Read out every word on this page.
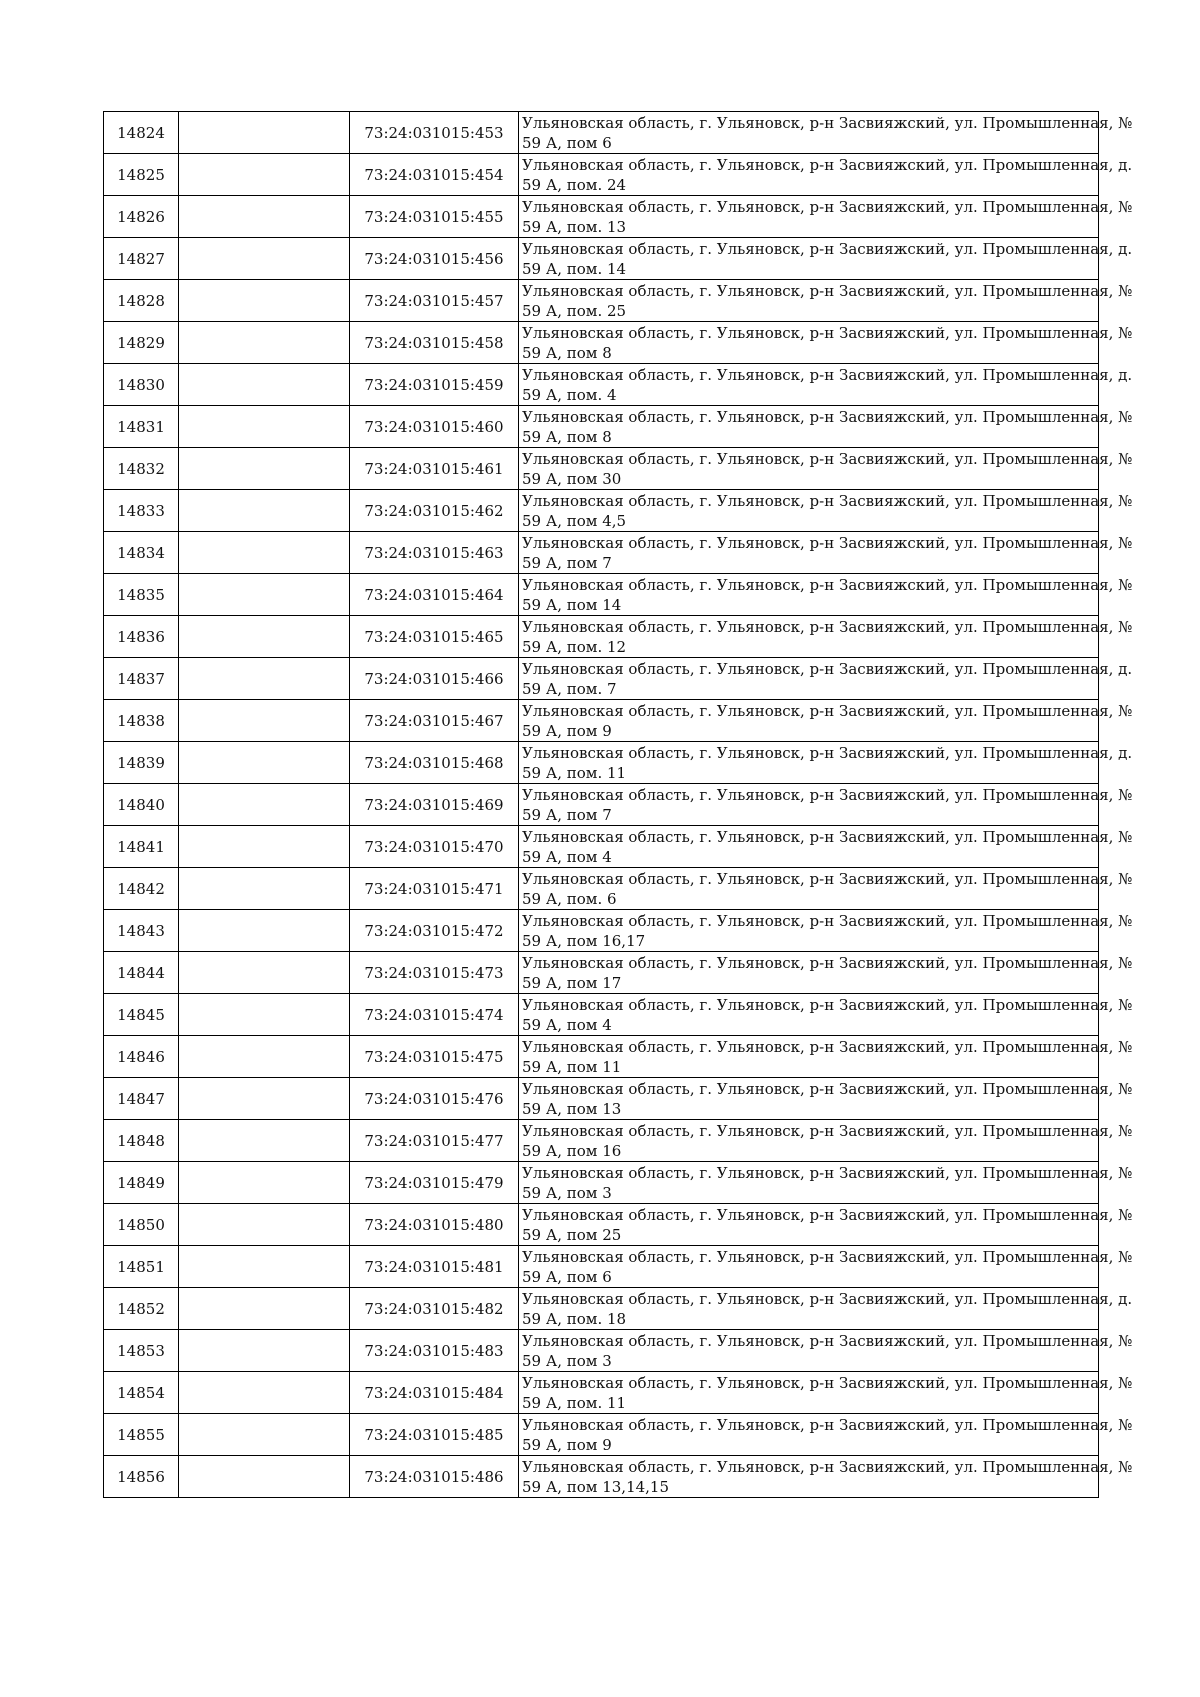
14824		73:24:031015:453	Ульяновская область, г. Ульяновск, р-н Засвияжский, ул. Промышленная, №
59 А, пом 6

14825		73:24:031015:454	Ульяновская область, г. Ульяновск, р-н Засвияжский, ул. Промышленная, д.
59 А, пом. 24

14826		73:24:031015:455	Ульяновская область, г. Ульяновск, р-н Засвияжский, ул. Промышленная, №
59 А, пом. 13

14827		73:24:031015:456	Ульяновская область, г. Ульяновск, р-н Засвияжский, ул. Промышленная, д.
59 А, пом. 14

14828		73:24:031015:457	Ульяновская область, г. Ульяновск, р-н Засвияжский, ул. Промышленная, №
59 А, пом. 25

14829		73:24:031015:458	Ульяновская область, г. Ульяновск, р-н Засвияжский, ул. Промышленная, №
59 А, пом 8

14830		73:24:031015:459	Ульяновская область, г. Ульяновск, р-н Засвияжский, ул. Промышленная, д.
59 А, пом. 4

14831		73:24:031015:460	Ульяновская область, г. Ульяновск, р-н Засвияжский, ул. Промышленная, №
59 А, пом 8

14832		73:24:031015:461	Ульяновская область, г. Ульяновск, р-н Засвияжский, ул. Промышленная, №
59 А, пом 30

14833		73:24:031015:462	Ульяновская область, г. Ульяновск, р-н Засвияжский, ул. Промышленная, №
59 А, пом 4,5

14834		73:24:031015:463	Ульяновская область, г. Ульяновск, р-н Засвияжский, ул. Промышленная, №
59 А, пом 7

14835		73:24:031015:464	Ульяновская область, г. Ульяновск, р-н Засвияжский, ул. Промышленная, №
59 А, пом 14

14836		73:24:031015:465	Ульяновская область, г. Ульяновск, р-н Засвияжский, ул. Промышленная, №
59 А, пом. 12

14837		73:24:031015:466	Ульяновская область, г. Ульяновск, р-н Засвияжский, ул. Промышленная, д.
59 А, пом. 7

14838		73:24:031015:467	Ульяновская область, г. Ульяновск, р-н Засвияжский, ул. Промышленная, №
59 А, пом 9

14839		73:24:031015:468	Ульяновская область, г. Ульяновск, р-н Засвияжский, ул. Промышленная, д.
59 А, пом. 11

14840		73:24:031015:469	Ульяновская область, г. Ульяновск, р-н Засвияжский, ул. Промышленная, №
59 А, пом 7

14841		73:24:031015:470	Ульяновская область, г. Ульяновск, р-н Засвияжский, ул. Промышленная, №
59 А, пом 4

14842		73:24:031015:471	Ульяновская область, г. Ульяновск, р-н Засвияжский, ул. Промышленная, №
59 А, пом. 6

14843		73:24:031015:472	Ульяновская область, г. Ульяновск, р-н Засвияжский, ул. Промышленная, №
59 А, пом 16,17

14844		73:24:031015:473	Ульяновская область, г. Ульяновск, р-н Засвияжский, ул. Промышленная, №
59 А, пом 17

14845		73:24:031015:474	Ульяновская область, г. Ульяновск, р-н Засвияжский, ул. Промышленная, №
59 А, пом 4

14846		73:24:031015:475	Ульяновская область, г. Ульяновск, р-н Засвияжский, ул. Промышленная, №
59 А, пом 11

14847		73:24:031015:476	Ульяновская область, г. Ульяновск, р-н Засвияжский, ул. Промышленная, №
59 А, пом 13

14848		73:24:031015:477	Ульяновская область, г. Ульяновск, р-н Засвияжский, ул. Промышленная, №
59 А, пом 16

14849		73:24:031015:479	Ульяновская область, г. Ульяновск, р-н Засвияжский, ул. Промышленная, №
59 А, пом 3

14850		73:24:031015:480	Ульяновская область, г. Ульяновск, р-н Засвияжский, ул. Промышленная, №
59 А, пом 25

14851		73:24:031015:481	Ульяновская область, г. Ульяновск, р-н Засвияжский, ул. Промышленная, №
59 А, пом 6

14852		73:24:031015:482	Ульяновская область, г. Ульяновск, р-н Засвияжский, ул. Промышленная, д.
59 А, пом. 18

14853		73:24:031015:483	Ульяновская область, г. Ульяновск, р-н Засвияжский, ул. Промышленная, №
59 А, пом 3

14854		73:24:031015:484	Ульяновская область, г. Ульяновск, р-н Засвияжский, ул. Промышленная, №
59 А, пом. 11

14855		73:24:031015:485	Ульяновская область, г. Ульяновск, р-н Засвияжский, ул. Промышленная, №
59 А, пом 9

14856		73:24:031015:486	Ульяновская область, г. Ульяновск, р-н Засвияжский, ул. Промышленная, №
59 А, пом 13,14,15
